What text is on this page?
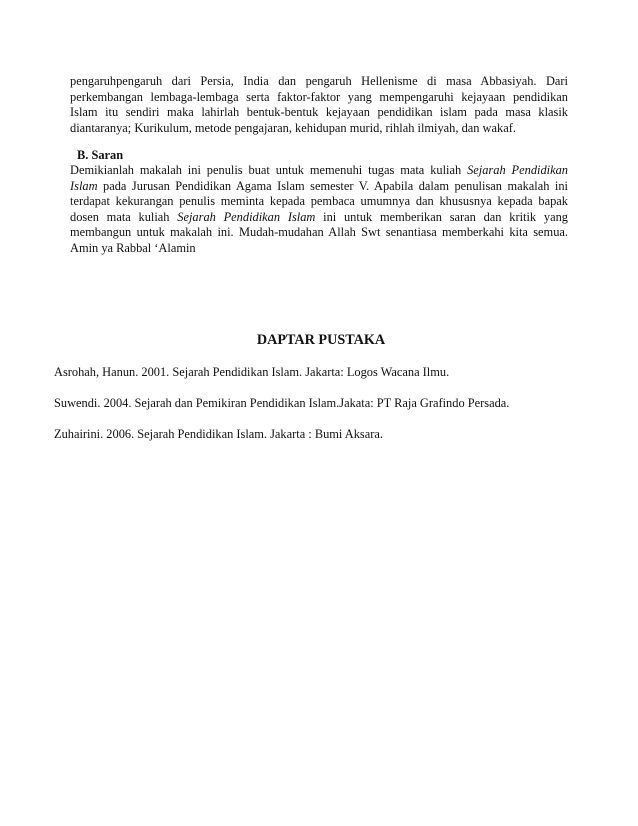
pengaruhpengaruh dari Persia, India dan pengaruh Hellenisme di masa Abbasiyah. Dari
perkembangan lembaga-lembaga serta faktor-faktor yang mempengaruhi kejayaan pendidikan
Islam itu sendiri maka lahirlah bentuk-bentuk kejayaan pendidikan islam pada masa klasik
diantaranya; Kurikulum, metode pengajaran, kehidupan murid, rihlah ilmiyah, dan wakaf.

B. Saran

Demikianlah makalah ini penulis buat untuk memenuhi tugas mata kuliah Sejarah Pendidikan
Islam pada Jurusan Pendidikan Agama Islam semester V. Apabila dalam penulisan makalah ini
terdapat kekurangan penulis meminta kepada pembaca umumnya dan khususnya kepada bapak
dosen mata kuliah Sejarah Pendidikan Islam ini untuk memberikan saran dan kritik yang
membangun untuk makalah ini. Mudah-mudahan Allah Swt senantiasa memberkahi kita semua.
Amin ya Rabbal ‘Alamin

DAPTAR PUSTAKA

Asrohah, Hanun. 2001. Sejarah Pendidikan Islam. Jakarta: Logos Wacana Ilmu.

Suwendi. 2004. Sejarah dan Pemikiran Pendidikan Islam.Jakata: PT Raja Grafindo Persada.

Zuhairini. 2006. Sejarah Pendidikan Islam. Jakarta : Bumi Aksara.
